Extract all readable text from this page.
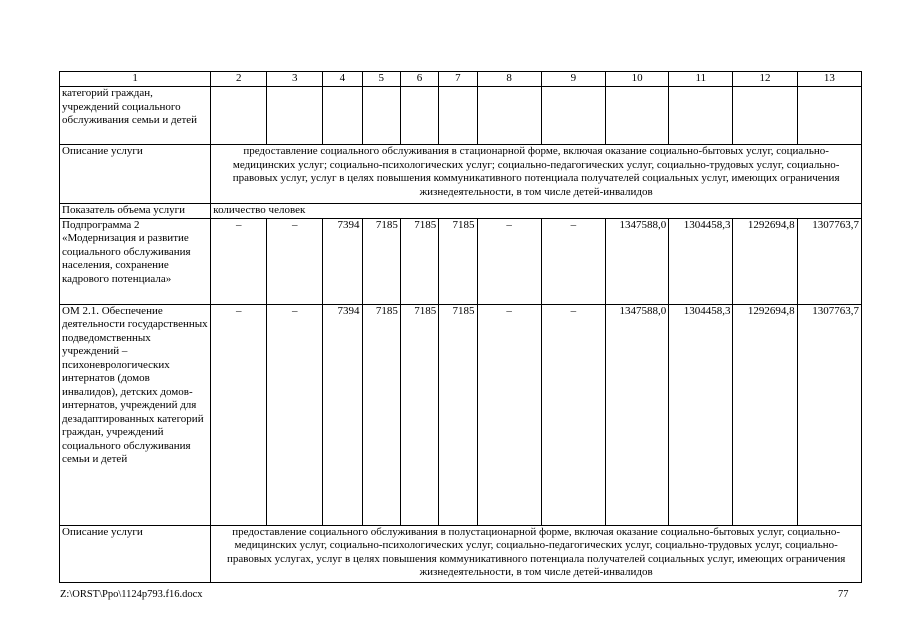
1	2	3	4	5	6	7	8	9	10	11	12	13
категорий граждан, учреждений социального обслуживания семьи и детей												
Описание услуги	предоставление социального обслуживания в стационарной форме, включая оказание социально-бытовых услуг, социально-медицинских услуг; социально-психологических услуг; социально-педагогических услуг, социально-трудовых услуг, социально-правовых услуг, услуг в целях повышения коммуникативного потенциала получателей социальных услуг, имеющих ограничения жизнедеятельности, в том числе детей-инвалидов											
Показатель объема услуги	количество человек											
Подпрограмма 2 «Модернизация и развитие социального обслуживания населения, сохранение кадрового потенциала»	–	–	7394	7185	7185	7185	–	–	1347588,0	1304458,3	1292694,8	1307763,7
ОМ 2.1. Обеспечение деятельности государственных подведомственных учреждений – психоневрологических интернатов (домов инвалидов), детских домов-интернатов, учреждений для дезадаптированных категорий граждан, учреждений социального обслуживания семьи и детей	–	–	7394	7185	7185	7185	–	–	1347588,0	1304458,3	1292694,8	1307763,7
Описание услуги	предоставление социального обслуживания в полустационарной форме, включая оказание социально-бытовых услуг, социально-медицинских услуг, социально-психологических услуг, социально-педагогических услуг, социально-трудовых услуг, социально-правовых услугах, услуг в целях повышения коммуникативного потенциала получателей социальных услуг, имеющих ограничения жизнедеятельности, в том числе детей-инвалидов											
Z:\ORST\Ppo\1124p793.f16.docx	77
